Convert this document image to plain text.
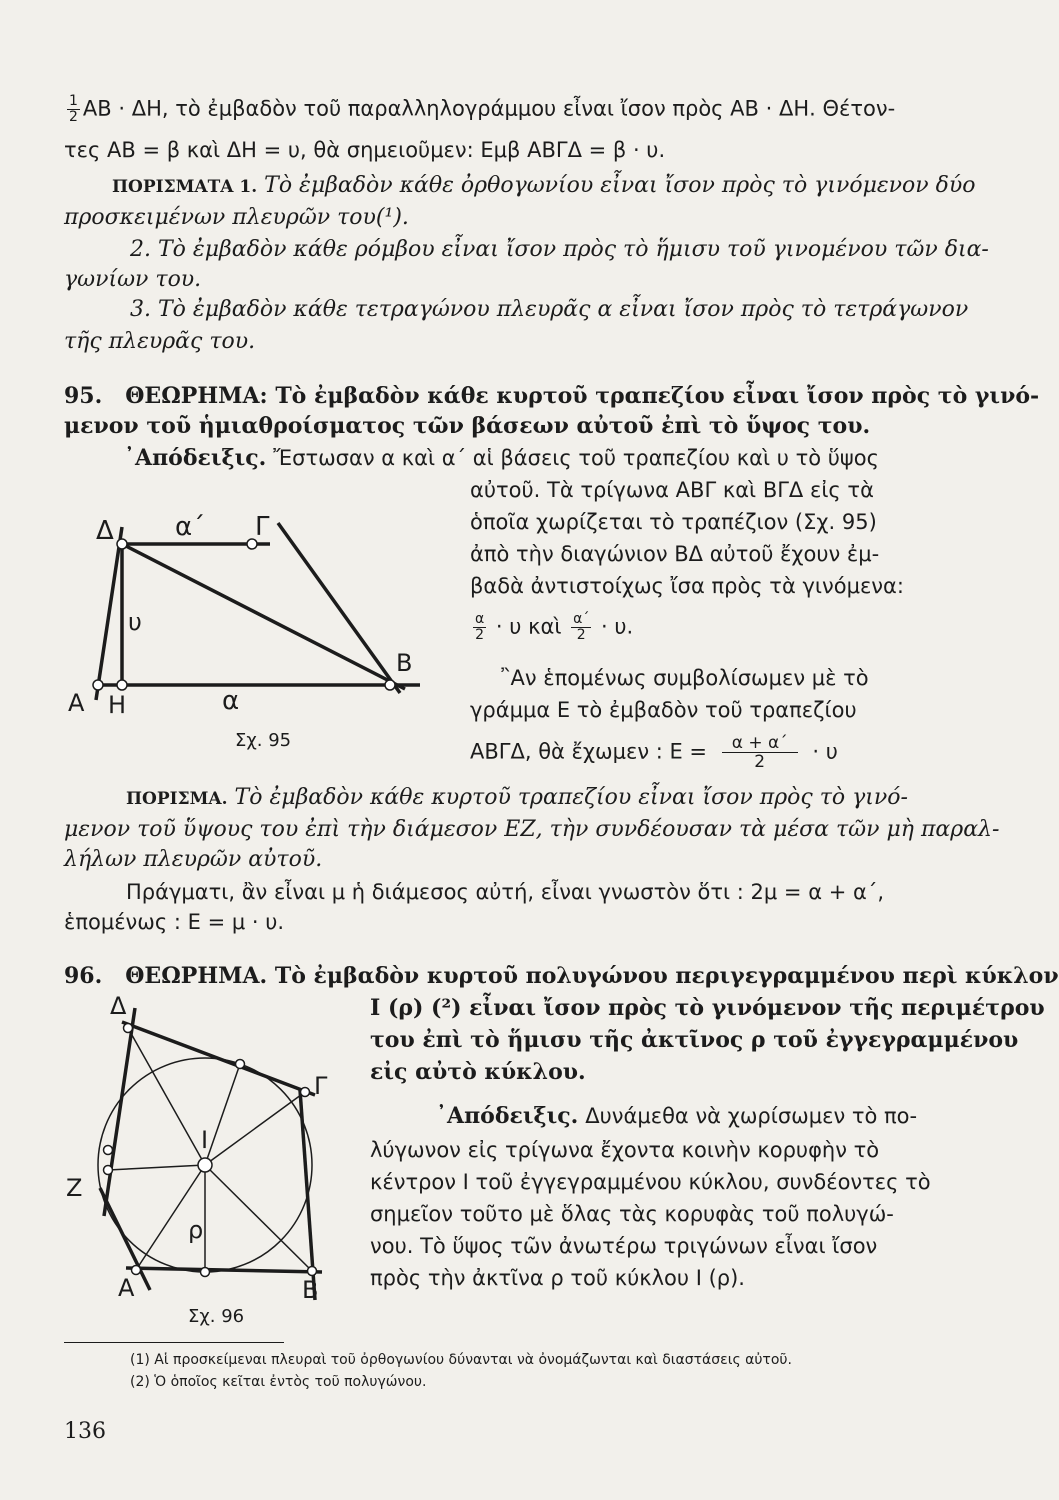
$\frac{1}{2}$ ΑΒ · ΔΗ, τὸ ἐμβαδὸν τοῦ παραλληλογράμμου εἶναι ἴσον πρὸς ΑΒ · ΔΗ. Θέτον-
τες ΑΒ = β καὶ ΔΗ = υ, θὰ σημειοῦμεν: Εμβ ΑΒΓΔ = β · υ.
ΠΟΡΙΣΜΑΤΑ 1. Τὸ ἐμβαδὸν κάθε ὀρθογωνίου εἶναι ἴσον πρὸς τὸ γινόμενον δύο
προσκειμένων πλευρῶν του(¹).
2. Τὸ ἐμβαδὸν κάθε ρόμβου εἶναι ἴσον πρὸς τὸ ἥμισυ τοῦ γινομένου τῶν δια-
γωνίων του.
3. Τὸ ἐμβαδὸν κάθε τετραγώνου πλευρᾶς α εἶναι ἴσον πρὸς τὸ τετράγωνον
τῆς πλευρᾶς του.
95. ΘΕΩΡΗΜΑ: Τὸ ἐμβαδὸν κάθε κυρτοῦ τραπεζίου εἶναι ἴσον πρὸς τὸ γινό-
μενον τοῦ ἡμιαθροίσματος τῶν βάσεων αὐτοῦ ἐπὶ τὸ ὕψος του.
᾿Απόδειξις. Ἔστωσαν α καὶ α΄ αἱ βάσεις τοῦ τραπεζίου καὶ υ τὸ ὕψος
αὐτοῦ. Τὰ τρίγωνα ΑΒΓ καὶ ΒΓΔ εἰς τὰ
ὁποῖα χωρίζεται τὸ τραπέζιον (Σχ. 95)
ἀπὸ τὴν διαγώνιον ΒΔ αὐτοῦ ἔχουν ἐμ-
βαδὰ ἀντιστοίχως ἴσα πρὸς τὰ γινόμενα:
$\frac{\alpha}{2} \cdot \upsilon$ καὶ $\frac{\alpha΄}{2} \cdot \upsilon$.
῍Αν ἑπομένως συμβολίσωμεν μὲ τὸ
γράμμα Ε τὸ ἐμβαδὸν τοῦ τραπεζίου
ΑΒΓΔ, θὰ ἔχωμεν : $E = \frac{\alpha + \alpha΄}{2} \cdot \upsilon$
Δ α΄ Γ
υ
Β
Α Η	α
Σχ. 95
ΠΟΡΙΣΜΑ. Τὸ ἐμβαδὸν κάθε κυρτοῦ τραπεζίου εἶναι ἴσον πρὸς τὸ γινό-
μενον τοῦ ὕψους του ἐπὶ τὴν διάμεσον ΕΖ, τὴν συνδέουσαν τὰ μέσα τῶν μὴ παραλ-
λήλων πλευρῶν αὐτοῦ.
Πράγματι, ἂν εἶναι μ ἡ διάμεσος αὐτή, εἶναι γνωστὸν ὅτι : 2μ = α + α΄,
ἑπομένως : Ε = μ · υ.
96. ΘΕΩΡΗΜΑ. Τὸ ἐμβαδὸν κυρτοῦ πολυγώνου περιγεγραμμένου περὶ κύκλον
Ι (ρ) (²) εἶναι ἴσον πρὸς τὸ γινόμενον τῆς περιμέτρου
του ἐπὶ τὸ ἥμισυ τῆς ἀκτῖνος ρ τοῦ ἐγγεγραμμένου
εἰς αὐτὸ κύκλου.
᾿Απόδειξις. Δυνάμεθα νὰ χωρίσωμεν τὸ πο-
λύγωνον εἰς τρίγωνα ἔχοντα κοινὴν κορυφὴν τὸ
κέντρον Ι τοῦ ἐγγεγραμμένου κύκλου, συνδέοντες τὸ
σημεῖον τοῦτο μὲ ὅλας τὰς κορυφὰς τοῦ πολυγώ-
νου. Τὸ ὕψος τῶν ἀνωτέρω τριγώνων εἶναι ἴσον
πρὸς τὴν ἀκτῖνα ρ τοῦ κύκλου Ι (ρ).
Δ
Γ
Ι
Ζ
ρ
Α	Β
Σχ. 96
(1) Αἱ προσκείμεναι πλευραὶ τοῦ ὀρθογωνίου δύνανται νὰ ὀνομάζωνται καὶ διαστάσεις αὐτοῦ.
(2) Ὁ ὁποῖος κεῖται ἐντὸς τοῦ πολυγώνου.
136
